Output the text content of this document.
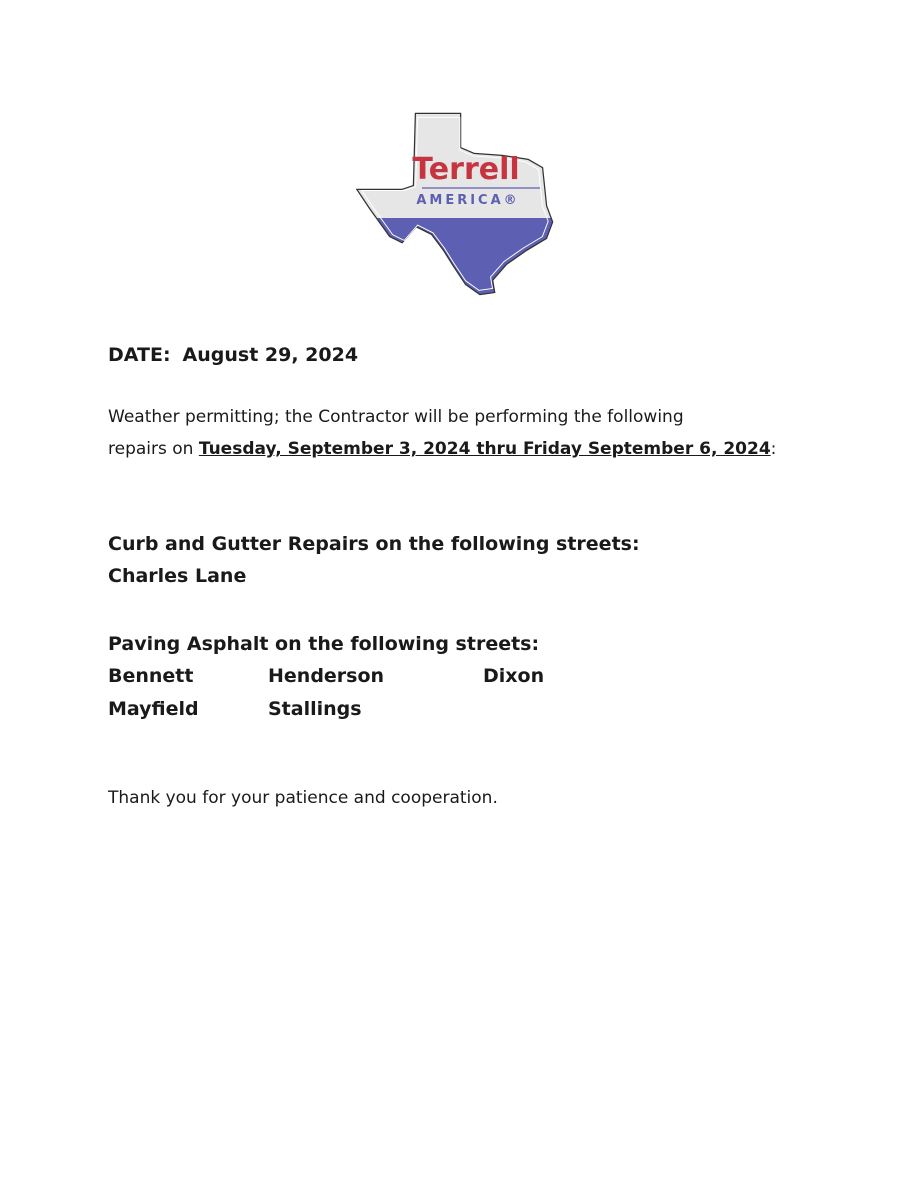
Terrell
AMERICA®
DATE: August 29, 2024
Weather permitting; the Contractor will be performing the following
repairs on Tuesday, September 3, 2024 thru Friday September 6, 2024:
Curb and Gutter Repairs on the following streets:
Charles Lane
Paving Asphalt on the following streets:
Bennett	Henderson	Dixon
Mayfield	Stallings
Thank you for your patience and cooperation.
